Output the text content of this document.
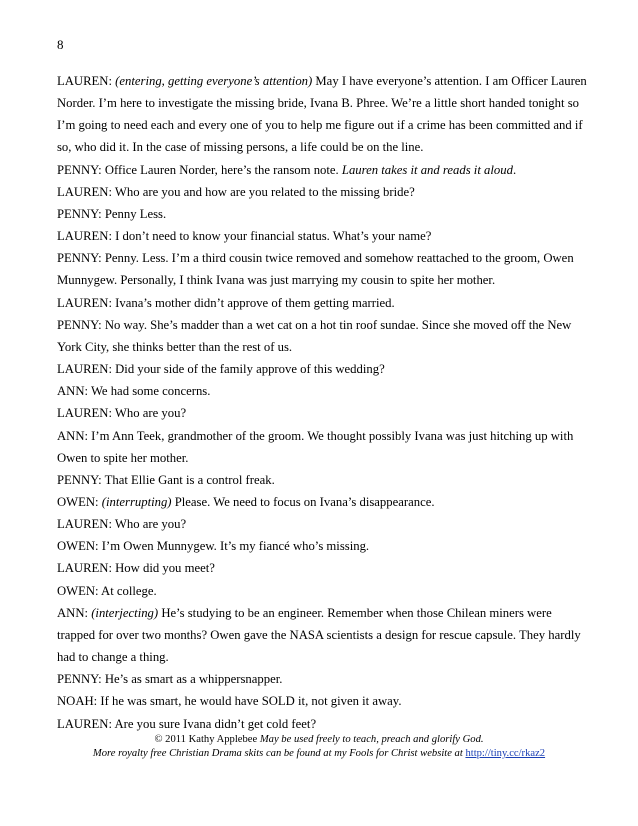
8

LAUREN: (entering, getting everyone’s attention) May I have everyone’s attention. I am Officer Lauren

Norder. I’m here to investigate the missing bride, Ivana B. Phree. We’re a little short handed tonight so

I’m going to need each and every one of you to help me figure out if a crime has been committed and if

so, who did it. In the case of missing persons, a life could be on the line.

PENNY: Office Lauren Norder, here’s the ransom note. Lauren takes it and reads it aloud.

LAUREN: Who are you and how are you related to the missing bride?

PENNY: Penny Less.

LAUREN: I don’t need to know your financial status. What’s your name?

PENNY: Penny. Less. I’m a third cousin twice removed and somehow reattached to the groom, Owen

Munnygew. Personally, I think Ivana was just marrying my cousin to spite her mother.

LAUREN: Ivana’s mother didn’t approve of them getting married.

PENNY: No way. She’s madder than a wet cat on a hot tin roof sundae. Since she moved off the New

York City, she thinks better than the rest of us.

LAUREN: Did your side of the family approve of this wedding?

ANN: We had some concerns.

LAUREN: Who are you?

ANN: I’m Ann Teek, grandmother of the groom. We thought possibly Ivana was just hitching up with

Owen to spite her mother.

PENNY: That Ellie Gant is a control freak.

OWEN: (interrupting) Please. We need to focus on Ivana’s disappearance.

LAUREN: Who are you?

OWEN: I’m Owen Munnygew. It’s my fiancé who’s missing.

LAUREN: How did you meet?

OWEN: At college.

ANN: (interjecting) He’s studying to be an engineer. Remember when those Chilean miners were

trapped for over two months? Owen gave the NASA scientists a design for rescue capsule. They hardly

had to change a thing.

PENNY: He’s as smart as a whippersnapper.

NOAH: If he was smart, he would have SOLD it, not given it away.

LAUREN: Are you sure Ivana didn’t get cold feet?

© 2011 Kathy Applebee May be used freely to teach, preach and glorify God.
More royalty free Christian Drama skits can be found at my Fools for Christ website at http://tiny.cc/rkaz2
